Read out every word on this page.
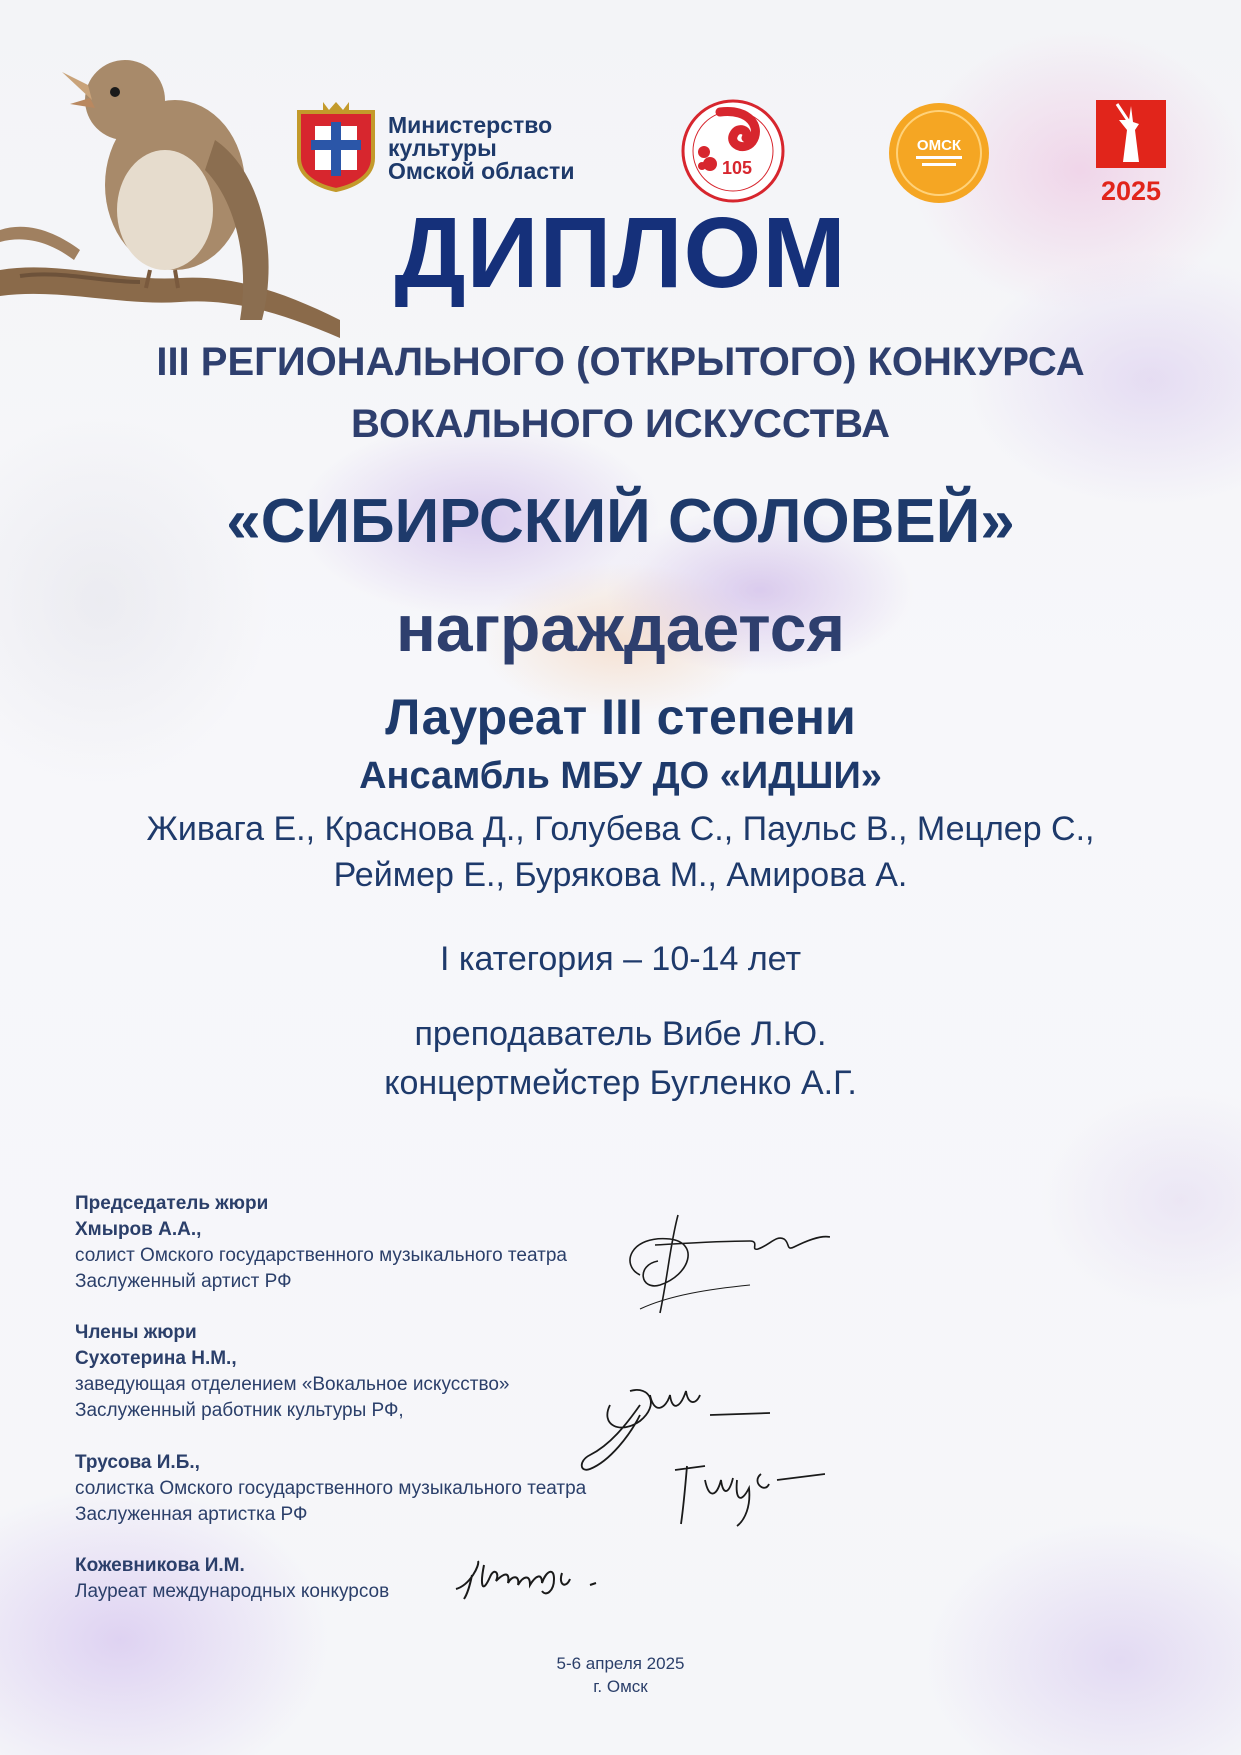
Министерство
культуры
Омской области	105
ОМСК
2025
ДИПЛОМ
III РЕГИОНАЛЬНОГО (ОТКРЫТОГО) КОНКУРСА
ВОКАЛЬНОГО ИСКУССТВА
«СИБИРСКИЙ СОЛОВЕЙ»
награждается
Лауреат III степени
Ансамбль МБУ ДО «ИДШИ»
Живага Е., Краснова Д., Голубева С., Паульс В., Мецлер С.,
Реймер Е., Бурякова М., Амирова А.
I категория – 10-14 лет
преподаватель Вибе Л.Ю.
концертмейстер Бугленко А.Г.
Председатель жюри
Хмыров А.А.,
солист Омского государственного музыкального театра
Заслуженный артист РФ
Члены жюри
Сухотерина Н.М.,
заведующая отделением «Вокальное искусство»
Заслуженный работник культуры РФ,
Трусова И.Б.,
солистка Омского государственного музыкального театра
Заслуженная артистка РФ
Кожевникова И.М.
Лауреат международных конкурсов
5-6 апреля 2025
г. Омск
